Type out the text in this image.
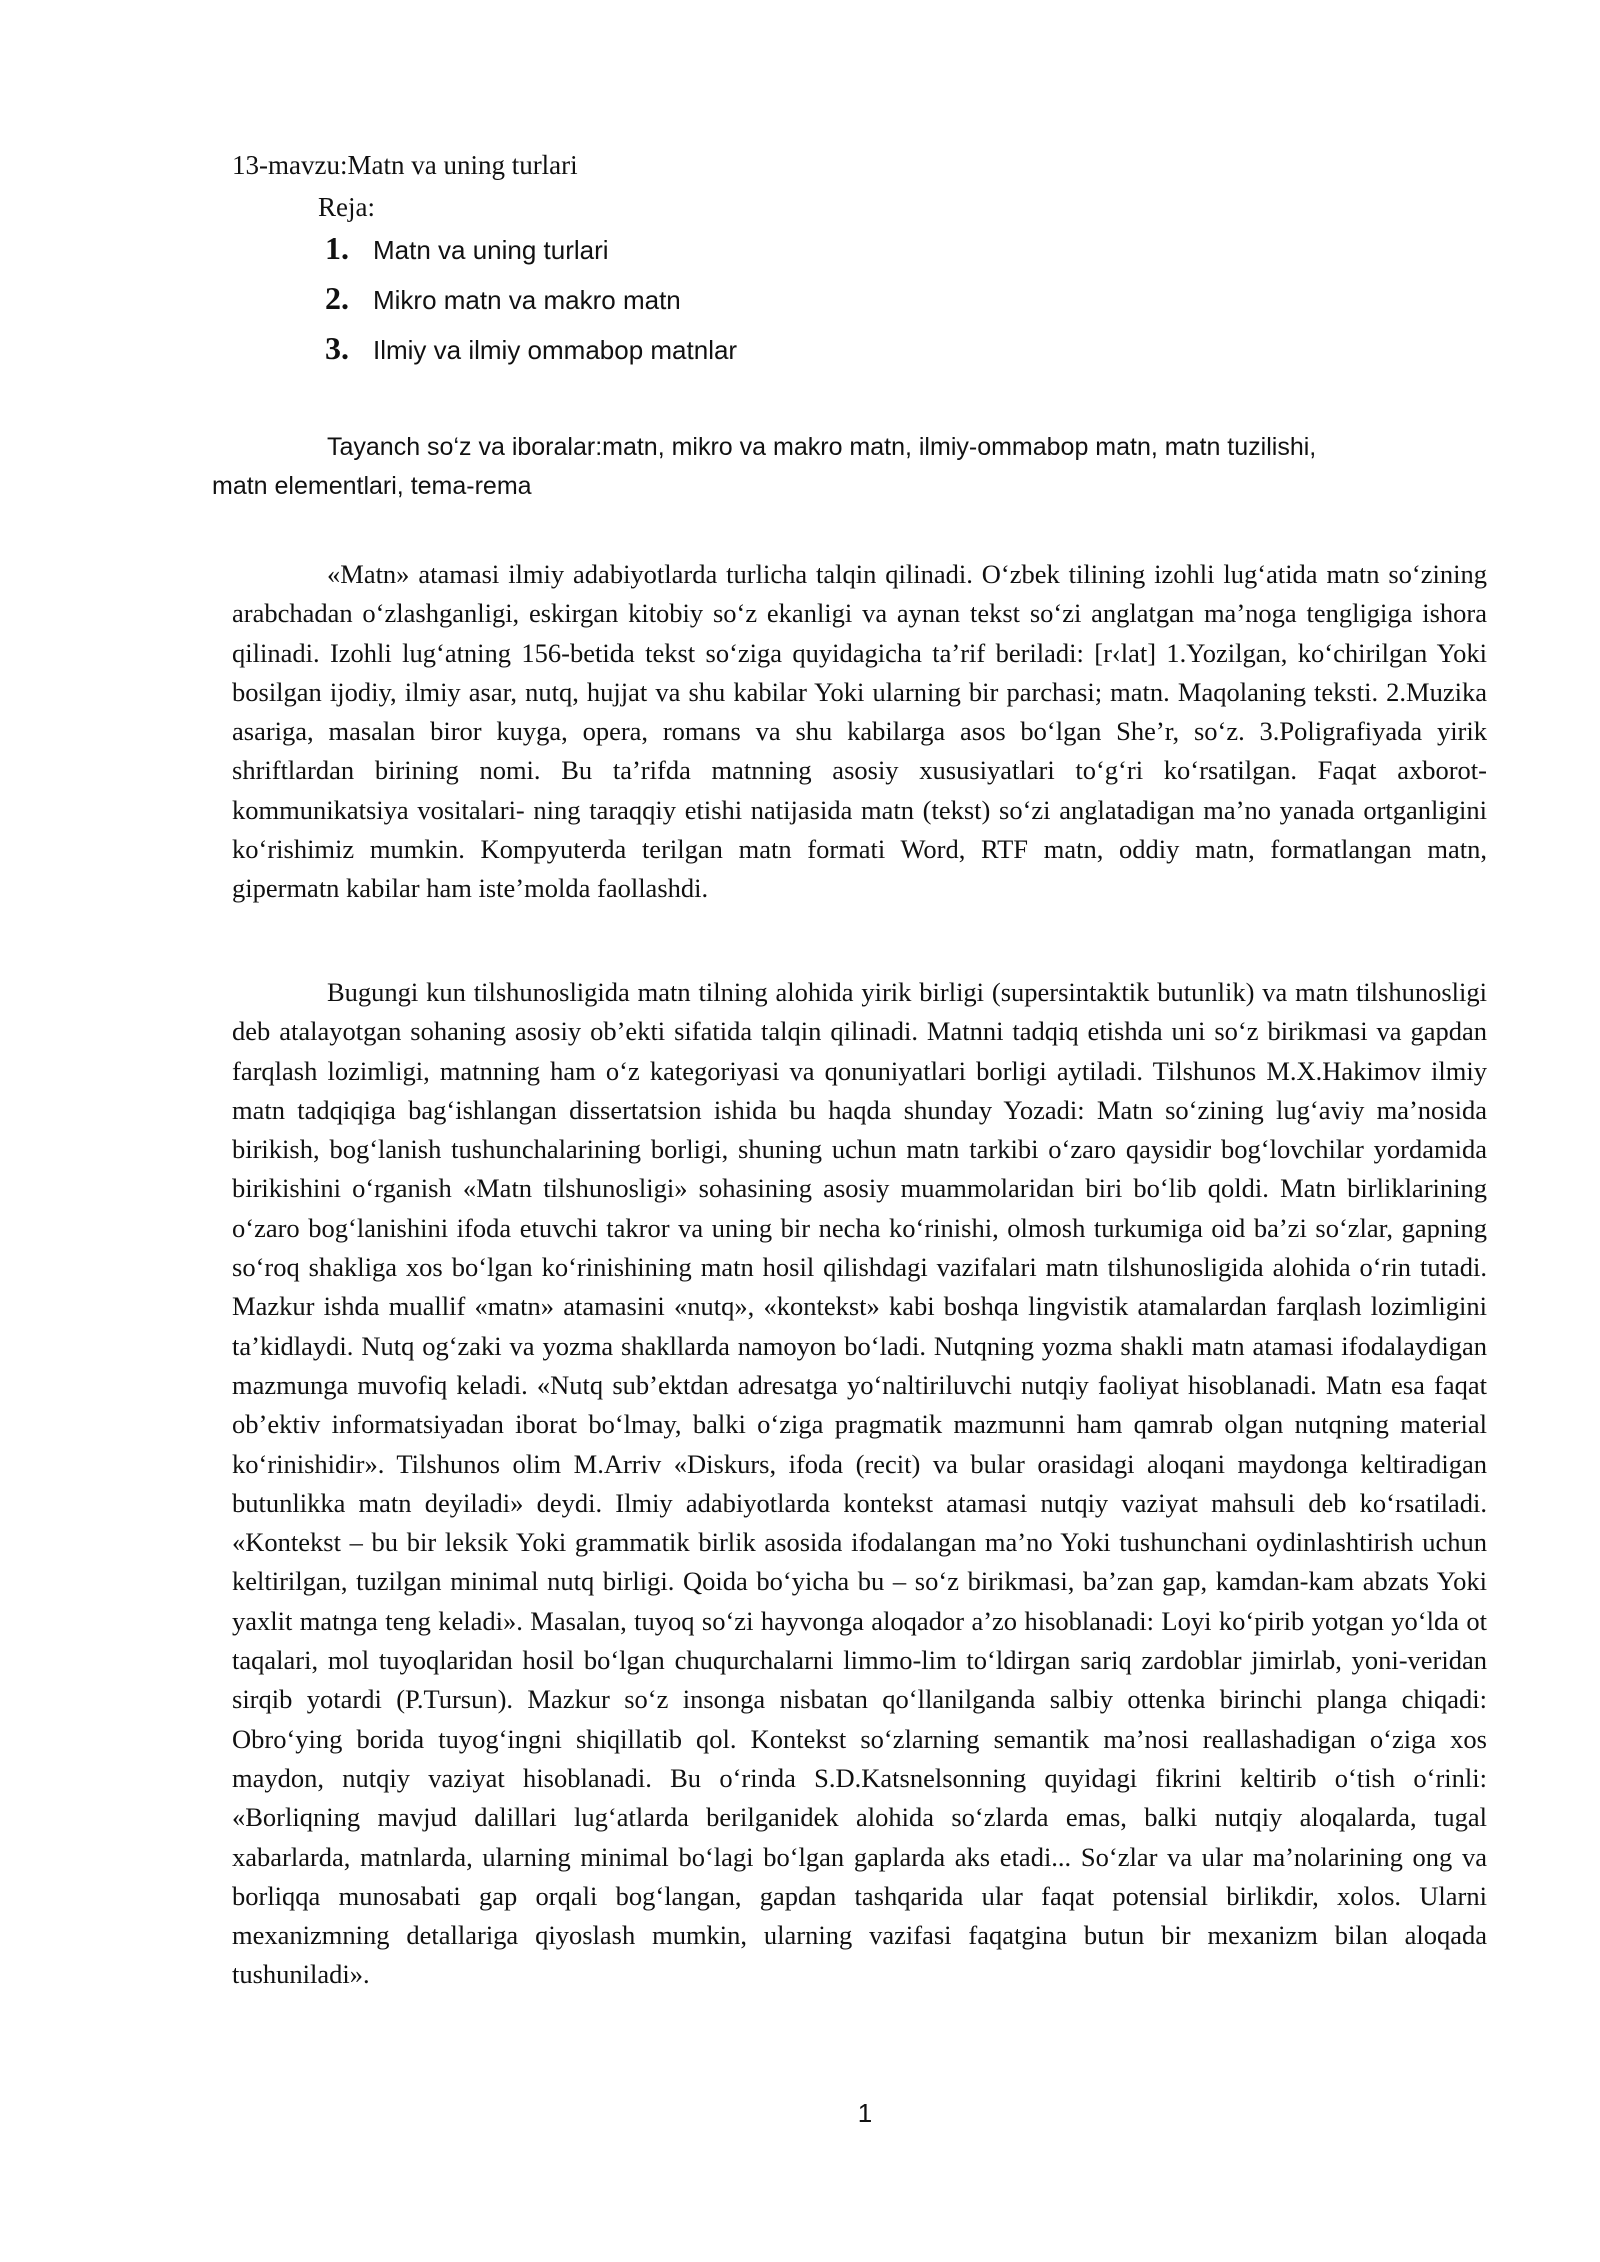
13-mavzu:Matn va uning turlari
Reja:
1. Matn va uning turlari
2. Mikro matn va makro matn
3. Ilmiy va ilmiy ommabop matnlar
Tayanch so‘z va iboralar:matn, mikro va makro matn, ilmiy-ommabop matn, matn tuzilishi,
matn elementlari, tema-rema

«Matn» atamasi ilmiy adabiyotlarda turlicha talqin qilinadi. O‘zbek tilining izohli lug‘atida matn so‘zining arabchadan o‘zlashganligi, eskirgan kitobiy so‘z ekanligi va aynan tekst so‘zi anglatgan ma’noga tengligiga ishora qilinadi. Izohli lug‘atning 156-betida tekst so‘ziga quyidagicha ta’rif beriladi: [r‹lat] 1.Yozilgan, ko‘chirilgan Yoki bosilgan ijodiy, ilmiy asar, nutq, hujjat va shu kabilar Yoki ularning bir parchasi; matn. Maqolaning teksti. 2.Muzika asariga, masalan biror kuyga, opera, romans va shu kabilarga asos bo‘lgan She’r, so‘z. 3.Poligrafiyada yirik shriftlardan birining nomi. Bu ta’rifda matnning asosiy xususiyatlari to‘g‘ri ko‘rsatilgan. Faqat axborot-kommunikatsiya vositalari- ning taraqqiy etishi natijasida matn (tekst) so‘zi anglatadigan ma’no yanada ortganligini ko‘rishimiz mumkin. Kompyuterda terilgan matn formati Word, RTF matn, oddiy matn, formatlangan matn, gipermatn kabilar ham iste’molda faollashdi.

Bugungi kun tilshunosligida matn tilning alohida yirik birligi (supersintaktik butunlik) va matn tilshunosligi deb atalayotgan sohaning asosiy ob’ekti sifatida talqin qilinadi. Matnni tadqiq etishda uni so‘z birikmasi va gapdan farqlash lozimligi, matnning ham o‘z kategoriyasi va qonuniyatlari borligi aytiladi. Tilshunos M.X.Hakimov ilmiy matn tadqiqiga bag‘ishlangan dissertatsion ishida bu haqda shunday Yozadi: Matn so‘zining lug‘aviy ma’nosida birikish, bog‘lanish tushunchalarining borligi, shuning uchun matn tarkibi o‘zaro qaysidir bog‘lovchilar yordamida birikishini o‘rganish «Matn tilshunosligi» sohasining asosiy muammolaridan biri bo‘lib qoldi. Matn birliklarining o‘zaro bog‘lanishini ifoda etuvchi takror va uning bir necha ko‘rinishi, olmosh turkumiga oid ba’zi so‘zlar, gapning so‘roq shakliga xos bo‘lgan ko‘rinishining matn hosil qilishdagi vazifalari matn tilshunosligida alohida o‘rin tutadi. Mazkur ishda muallif «matn» atamasini «nutq», «kontekst» kabi boshqa lingvistik atamalardan farqlash lozimligini ta’kidlaydi. Nutq og‘zaki va yozma shakllarda namoyon bo‘ladi. Nutqning yozma shakli matn atamasi ifodalaydigan mazmunga muvofiq keladi. «Nutq sub’ektdan adresatga yo‘naltiriluvchi nutqiy faoliyat hisoblanadi. Matn esa faqat ob’ektiv informatsiyadan iborat bo‘lmay, balki o‘ziga pragmatik mazmunni ham qamrab olgan nutqning material ko‘rinishidir». Tilshunos olim M.Arriv «Diskurs, ifoda (recit) va bular orasidagi aloqani maydonga keltiradigan butunlikka matn deyiladi» deydi. Ilmiy adabiyotlarda kontekst atamasi nutqiy vaziyat mahsuli deb ko‘rsatiladi. «Kontekst – bu bir leksik Yoki grammatik birlik asosida ifodalangan ma’no Yoki tushunchani oydinlashtirish uchun keltirilgan, tuzilgan minimal nutq birligi. Qoida bo‘yicha bu – so‘z birikmasi, ba’zan gap, kamdan-kam abzats Yoki yaxlit matnga teng keladi». Masalan, tuyoq so‘zi hayvonga aloqador a’zo hisoblanadi: Loyi ko‘pirib yotgan yo‘lda ot taqalari, mol tuyoqlaridan hosil bo‘lgan chuqurchalarni limmo-lim to‘ldirgan sariq zardoblar jimirlab, yoni-veridan sirqib yotardi (P.Tursun). Mazkur so‘z insonga nisbatan qo‘llanilganda salbiy ottenka birinchi planga chiqadi: Obro‘ying borida tuyog‘ingni shiqillatib qol. Kontekst so‘zlarning semantik ma’nosi reallashadigan o‘ziga xos maydon, nutqiy vaziyat hisoblanadi. Bu o‘rinda S.D.Katsnelsonning quyidagi fikrini keltirib o‘tish o‘rinli: «Borliqning mavjud dalillari lug‘atlarda berilganidek alohida so‘zlarda emas, balki nutqiy aloqalarda, tugal xabarlarda, matnlarda, ularning minimal bo‘lagi bo‘lgan gaplarda aks etadi... So‘zlar va ular ma’nolarining ong va borliqqa munosabati gap orqali bog‘langan, gapdan tashqarida ular faqat potensial birlikdir, xolos. Ularni mexanizmning detallariga qiyoslash mumkin, ularning vazifasi faqatgina butun bir mexanizm bilan aloqada tushuniladi».

1
